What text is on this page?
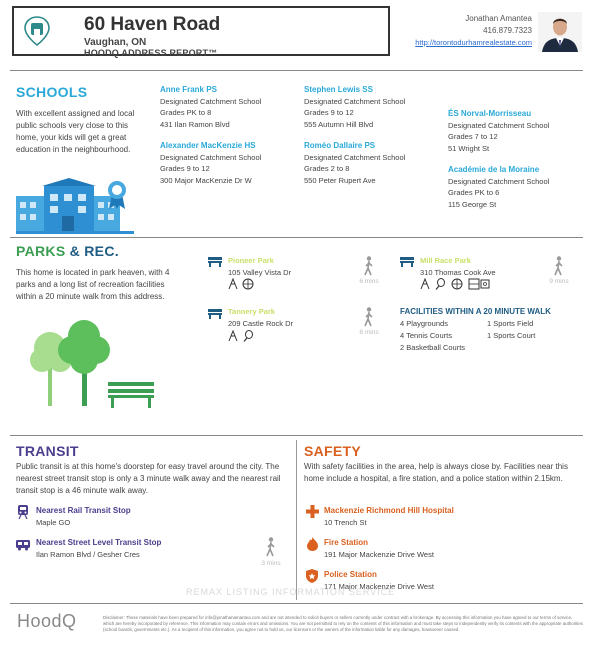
60 Haven Road
Vaughan, ON
HOODQ ADDRESS REPORT™
Jonathan Amantea
416.879.7323
http://torontodurhamrealestate.com
SCHOOLS
With excellent assigned and local public schools very close to this home, your kids will get a great education in the neighbourhood.
Anne Frank PS
Designated Catchment School
Grades PK to 8
431 Ilan Ramon Blvd
Alexander MacKenzie HS
Designated Catchment School
Grades 9 to 12
300 Major MacKenzie Dr W
Stephen Lewis SS
Designated Catchment School
Grades 9 to 12
555 Autumn Hill Blvd
Roméo Dallaire PS
Designated Catchment School
Grades 2 to 8
550 Peter Rupert Ave
ÉS Norval-Morrisseau
Designated Catchment School
Grades 7 to 12
51 Wright St
Académie de la Moraine
Designated Catchment School
Grades PK to 6
115 George St
PARKS & REC.
This home is located in park heaven, with 4 parks and a long list of recreation facilities within a 20 minute walk from this address.
Pioneer Park
105 Valley Vista Dr
6 mins
Tannery Park
209 Castle Rock Dr
8 mins
Mill Race Park
310 Thomas Cook Ave
9 mins
FACILITIES WITHIN A 20 MINUTE WALK
4 Playgrounds	1 Sports Field
4 Tennis Courts	1 Sports Court
2 Basketball Courts
TRANSIT
Public transit is at this home's doorstep for easy travel around the city. The nearest street transit stop is only a 3 minute walk away and the nearest rail transit stop is a 46 minute walk away.
Nearest Rail Transit Stop
Maple GO
Nearest Street Level Transit Stop
Ilan Ramon Blvd / Gesher Cres
3 mins
SAFETY
With safety facilities in the area, help is always close by. Facilities near this home include a hospital, a fire station, and a police station within 2.15km.
Mackenzie Richmond Hill Hospital
10 Trench St
Fire Station
191 Major Mackenzie Drive West
Police Station
171 Major Mackenzie Drive West
REMAX LISTING INFORMATION SERVICE
HoodQ	Disclaimer: These materials have been prepared for info@jonathanamantea.com and are not intended to solicit buyers or sellers currently under contract with a brokerage. By accessing this information you have agreed to our terms of service, which are hereby incorporated by reference. This information may contain errors and omissions. You are not permitted to rely on the contents of this information and must take steps to independently verify its contents with the appropriate authorities (school boards, governments etc.). As a recipient of this information, you agree not to hold us, our licensors or the owners of the information liable for any damages, howsoever caused.
